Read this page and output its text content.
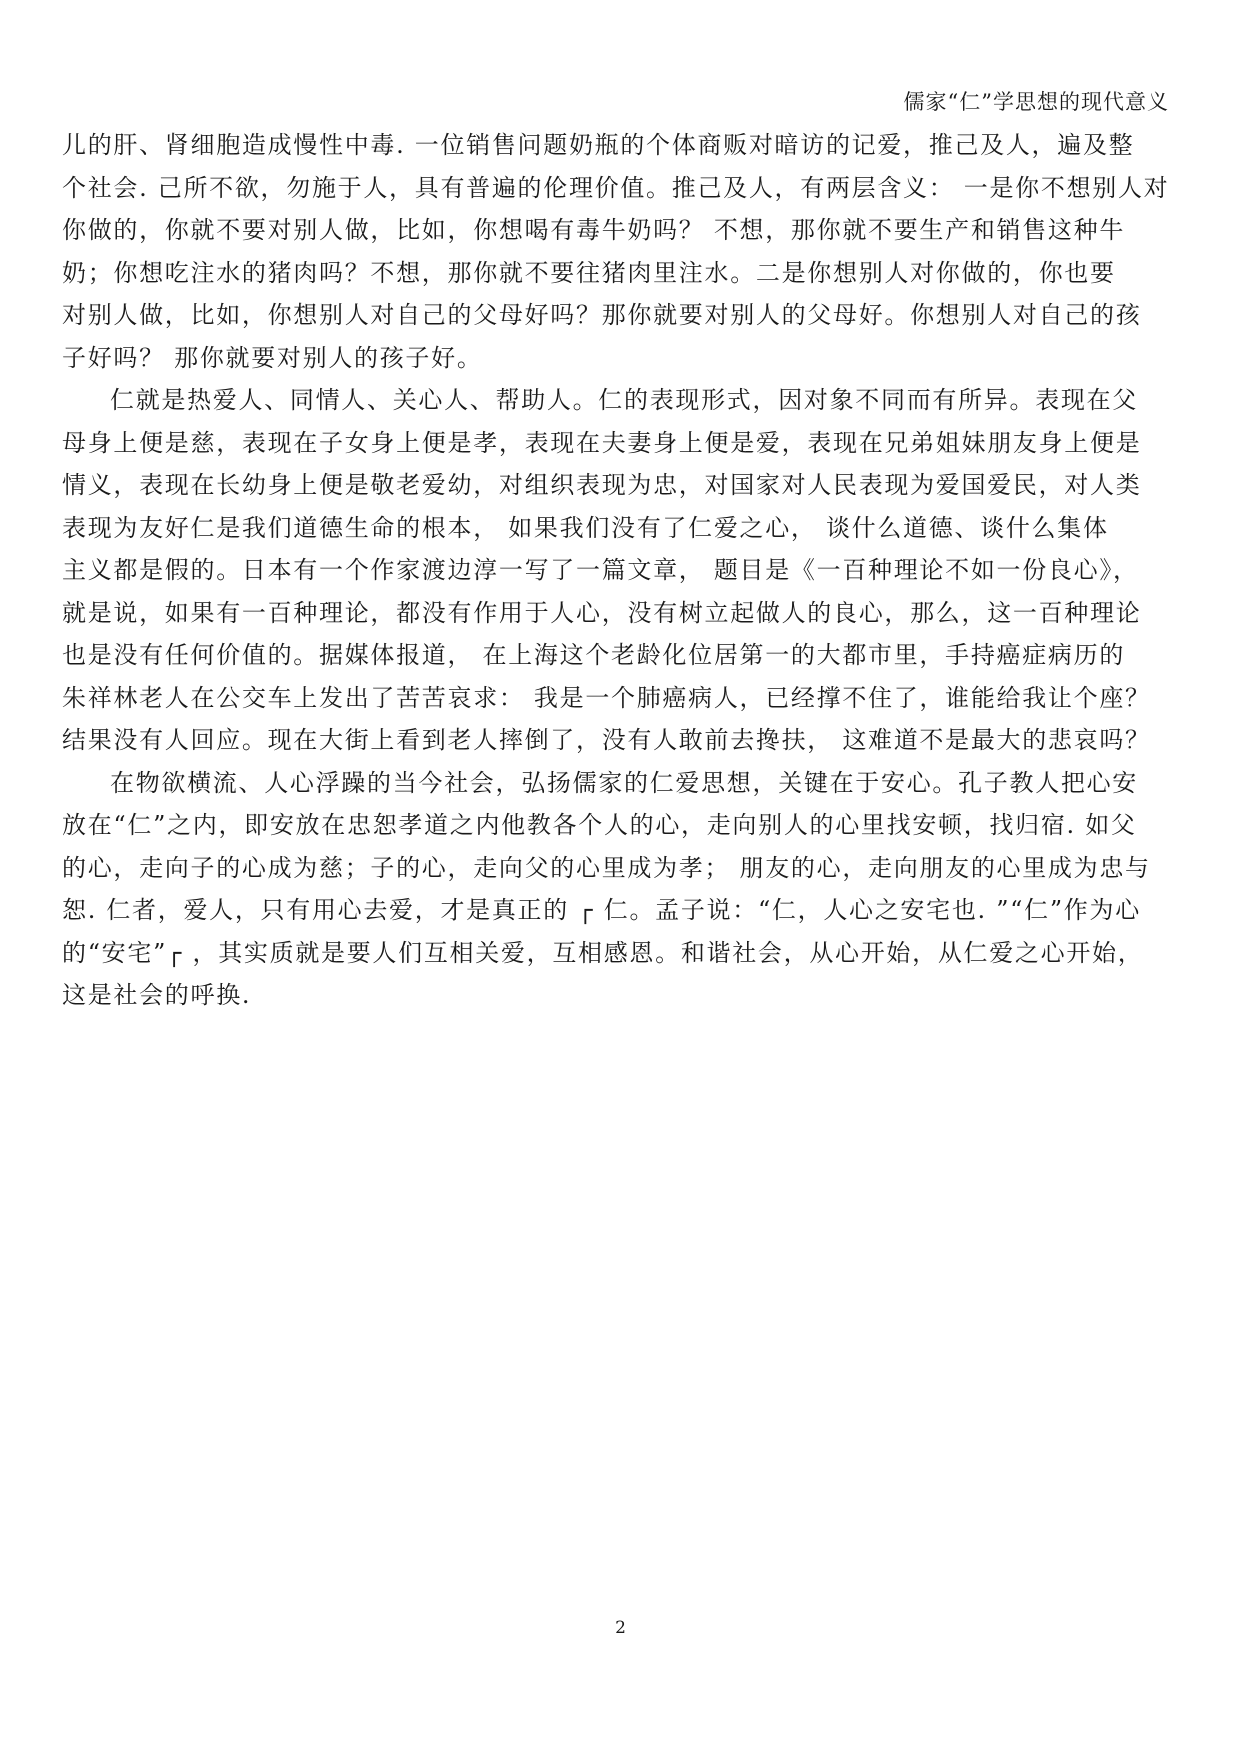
儒家“仁”学思想的现代意义
儿的肝、肾细胞造成慢性中毒. 一位销售问题奶瓶的个体商贩对暗访的记爱，推己及人，遍及整
个社会. 己所不欲，勿施于人，具有普遍的伦理价值。推己及人，有两层含义： 一是你不想别人对
你做的，你就不要对别人做，比如，你想喝有毒牛奶吗？ 不想，那你就不要生产和销售这种牛
奶；你想吃注水的猪肉吗？不想，那你就不要往猪肉里注水。二是你想别人对你做的，你也要
对别人做，比如，你想别人对自己的父母好吗？那你就要对别人的父母好。你想别人对自己的孩
子好吗？ 那你就要对别人的孩子好。
仁就是热爱人、同情人、关心人、帮助人。仁的表现形式，因对象不同而有所异。表现在父
母身上便是慈，表现在子女身上便是孝，表现在夫妻身上便是爱，表现在兄弟姐妹朋友身上便是
情义，表现在长幼身上便是敬老爱幼，对组织表现为忠，对国家对人民表现为爱国爱民，对人类
表现为友好仁是我们道德生命的根本， 如果我们没有了仁爱之心， 谈什么道德、谈什么集体
主义都是假的。日本有一个作家渡边淳一写了一篇文章， 题目是《一百种理论不如一份良心》，
就是说，如果有一百种理论，都没有作用于人心，没有树立起做人的良心，那么，这一百种理论
也是没有任何价值的。据媒体报道， 在上海这个老龄化位居第一的大都市里，手持癌症病历的
朱祥林老人在公交车上发出了苦苦哀求： 我是一个肺癌病人，已经撑不住了，谁能给我让个座？
结果没有人回应。现在大街上看到老人摔倒了，没有人敢前去搀扶， 这难道不是最大的悲哀吗？
在物欲横流、人心浮躁的当今社会，弘扬儒家的仁爱思想，关键在于安心。孔子教人把心安
放在“仁”之内，即安放在忠恕孝道之内他教各个人的心，走向别人的心里找安顿，找归宿. 如父
的心，走向子的心成为慈；子的心，走向父的心里成为孝； 朋友的心，走向朋友的心里成为忠与
恕. 仁者，爱人，只有用心去爱，才是真正的 ┌ 仁。孟子说：“仁，人心之安宅也. ”“仁”作为心
的“安宅”┌ ，其实质就是要人们互相关爱，互相感恩。和谐社会，从心开始，从仁爱之心开始，
这是社会的呼换.
2
